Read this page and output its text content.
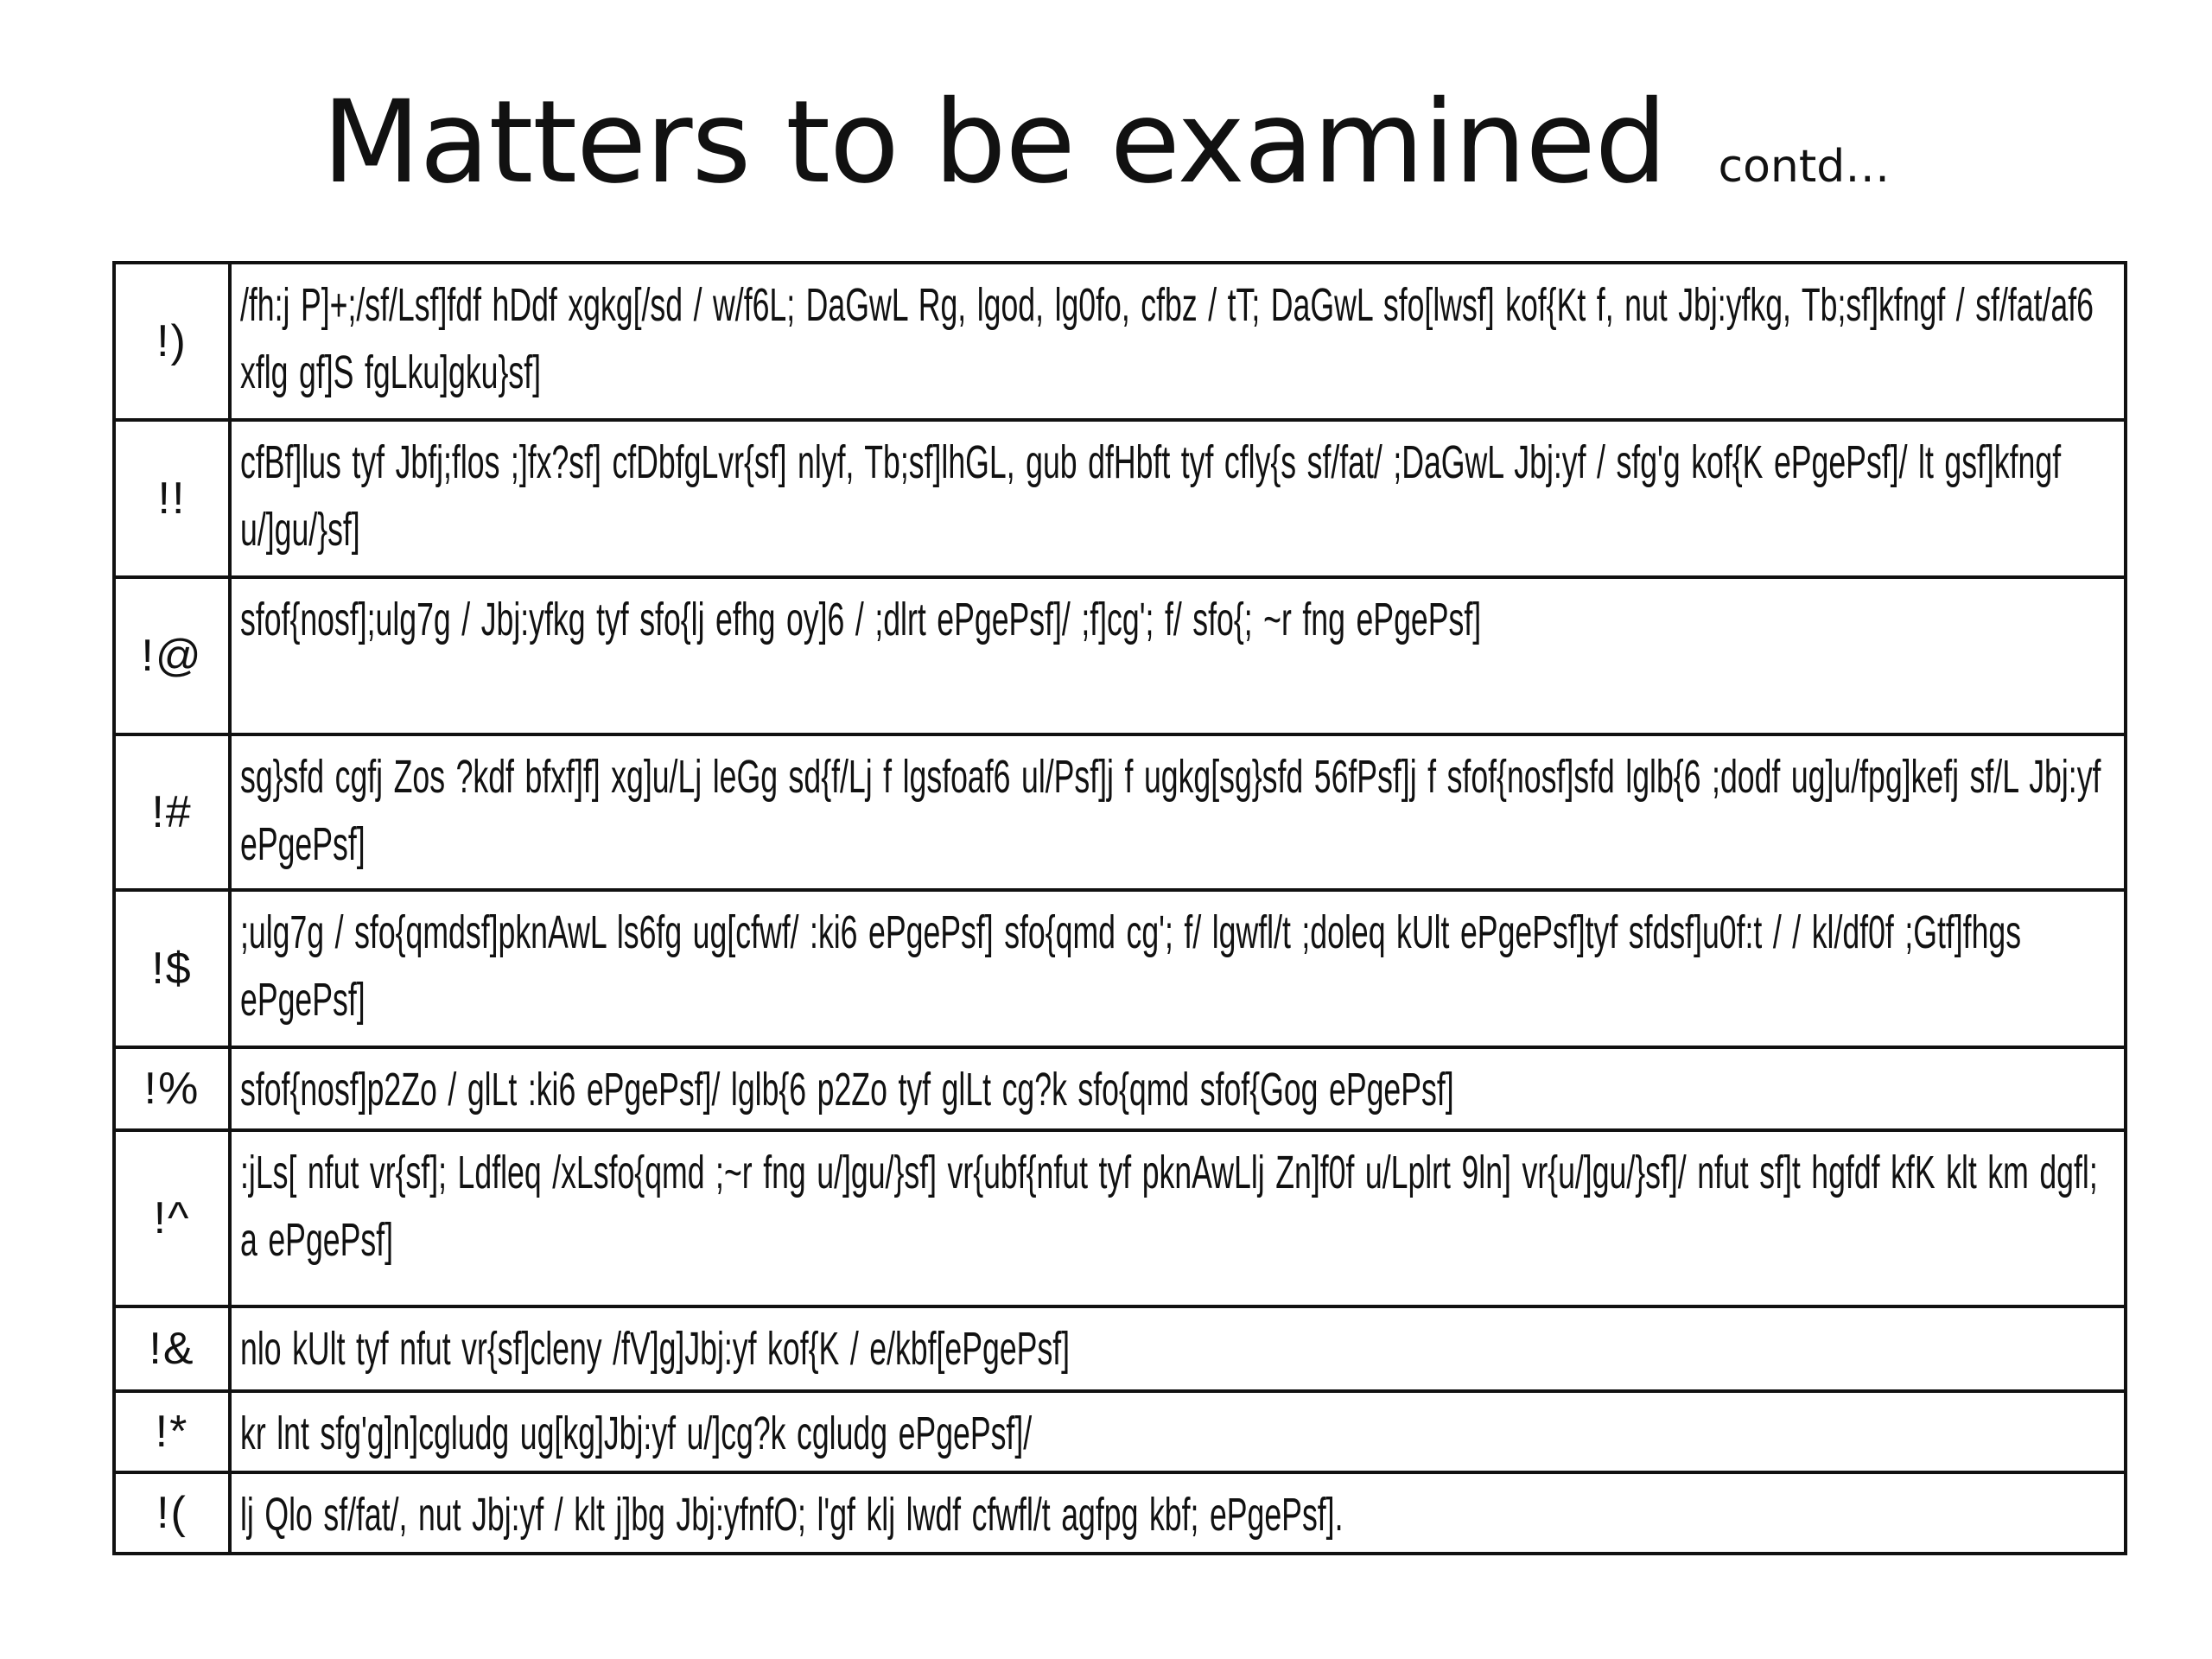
Matters to be examined contd…
!)	/fh:j P]+;/sf/Lsf]fdf hDdf xgkg[/sd / w/f6L; DaGwL Rg, lgod, lg0fo, cfbz / tT; DaGwL sfo[lwsf] kof{Kt f, nut Jbj:yfkg, Tb;sf]kfngf / sf/fat/af6 xflg gf]S fgLku]gku}sf]

!!	cfBf]lus tyf Jbfj;flos ;]fx?sf] cfDbfgLvr{sf] nlyf, Tb;sf]lhGL, gub dfHbft tyf cfly{s sf/fat/ ;DaGwL Jbj:yf / sfg'g kof{K ePgePsf]/ lt gsf]kfngf u/]gu/}sf]

!@	sfof{nosf];ulg7g / Jbj:yfkg tyf sfo{lj efhg oy]6 / ;dlrt ePgePsf]/ ;f]cg'; f/ sfo{; ~r fng ePgePsf]

!#	sg}sfd cgfj Zos ?kdf bfxf]f] xg]u/Lj leGg sd{f/Lj f lgsfoaf6 ul/Psf]j f ugkg[sg}sfd 56fPsf]j f sfof{nosf]sfd lglb{6 ;dodf ug]u/fpg]kefj sf/L Jbj:yf ePgePsf]

!$	;ulg7g / sfo{qmdsf]pknAwL ls6fg ug[cfwf/ :ki6 ePgePsf] sfo{qmd cg'; f/ lgwfl/t ;doleq kUlt ePgePsf]tyf sfdsf]u0f:t / / kl/df0f ;Gtf]fhgs ePgePsf]

!%	sfof{nosf]p2Zo / glLt :ki6 ePgePsf]/ lglb{6 p2Zo tyf glLt cg?k sfo{qmd sfof{Gog ePgePsf]

!^	:jLs[ nfut vr{sf]; Ldfleq /xLsfo{qmd ;~r fng u/]gu/}sf] vr{ubf{nfut tyf pknAwLlj Zn]f0f u/Lplrt 9ln] vr{u/]gu/}sf]/ nfut sf]t hgfdf kfK klt km dgfl; a ePgePsf]

!&	nlo kUlt tyf nfut vr{sf]cleny /fV]g]Jbj:yf kof{K / e/kbf[ePgePsf]

!*	kr lnt sfg'g]n]cgludg ug[kg]Jbj:yf u/]cg?k cgludg ePgePsf]/

!(	lj Qlo sf/fat/, nut Jbj:yf / klt j]bg Jbj:yfnfO; l'gf klj lwdf cfwfl/t agfpg kbf; ePgePsf].
